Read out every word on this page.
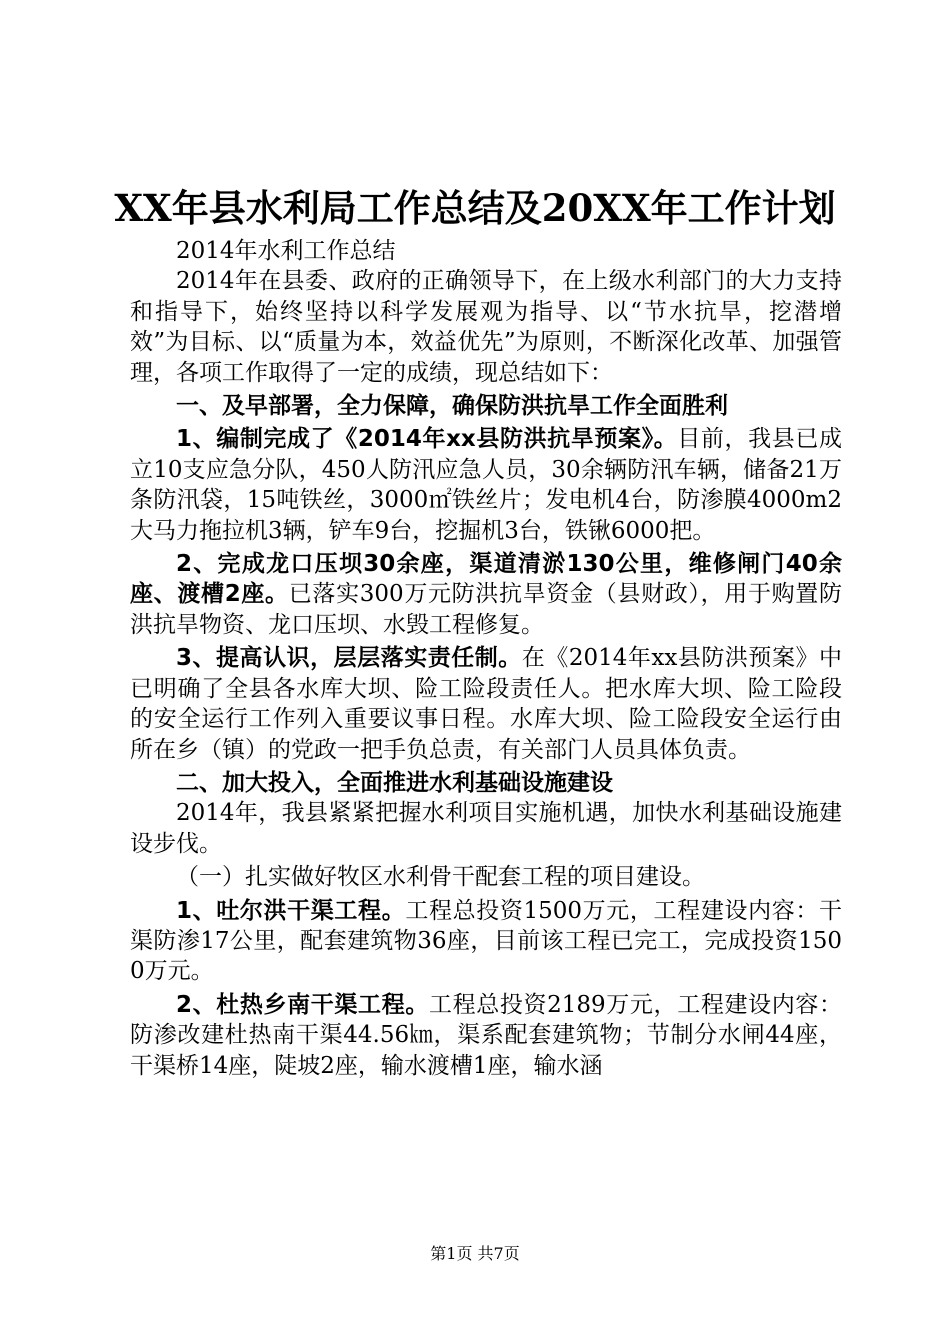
XX年县水利局工作总结及20XX年工作计划

2014年水利工作总结

2014年在县委、政府的正确领导下，在上级水利部门的大力支持和指导下，始终坚持以科学发展观为指导、以“节水抗旱，挖潜增效”为目标、以“质量为本，效益优先”为原则，不断深化改革、加强管理，各项工作取得了一定的成绩，现总结如下：

一、及早部署，全力保障，确保防洪抗旱工作全面胜利

1、编制完成了《2014年xx县防洪抗旱预案》。目前，我县已成立10支应急分队，450人防汛应急人员，30余辆防汛车辆，储备21万条防汛袋，15吨铁丝，3000㎡铁丝片；发电机4台，防渗膜4000m2大马力拖拉机3辆，铲车9台，挖掘机3台，铁锹6000把。

2、完成龙口压坝30余座，渠道清淤130公里，维修闸门40余座、渡槽2座。已落实300万元防洪抗旱资金（县财政），用于购置防洪抗旱物资、龙口压坝、水毁工程修复。

3、提高认识，层层落实责任制。在《2014年xx县防洪预案》中已明确了全县各水库大坝、险工险段责任人。把水库大坝、险工险段的安全运行工作列入重要议事日程。水库大坝、险工险段安全运行由所在乡（镇）的党政一把手负总责，有关部门人员具体负责。

二、加大投入，全面推进水利基础设施建设

2014年，我县紧紧把握水利项目实施机遇，加快水利基础设施建设步伐。

（一）扎实做好牧区水利骨干配套工程的项目建设。

1、吐尔洪干渠工程。工程总投资1500万元，工程建设内容：干渠防渗17公里，配套建筑物36座，目前该工程已完工，完成投资1500万元。

2、杜热乡南干渠工程。工程总投资2189万元，工程建设内容：防渗改建杜热南干渠44.56㎞，渠系配套建筑物；节制分水闸44座，干渠桥14座，陡坡2座，输水渡槽1座，输水涵

第1页 共7页
